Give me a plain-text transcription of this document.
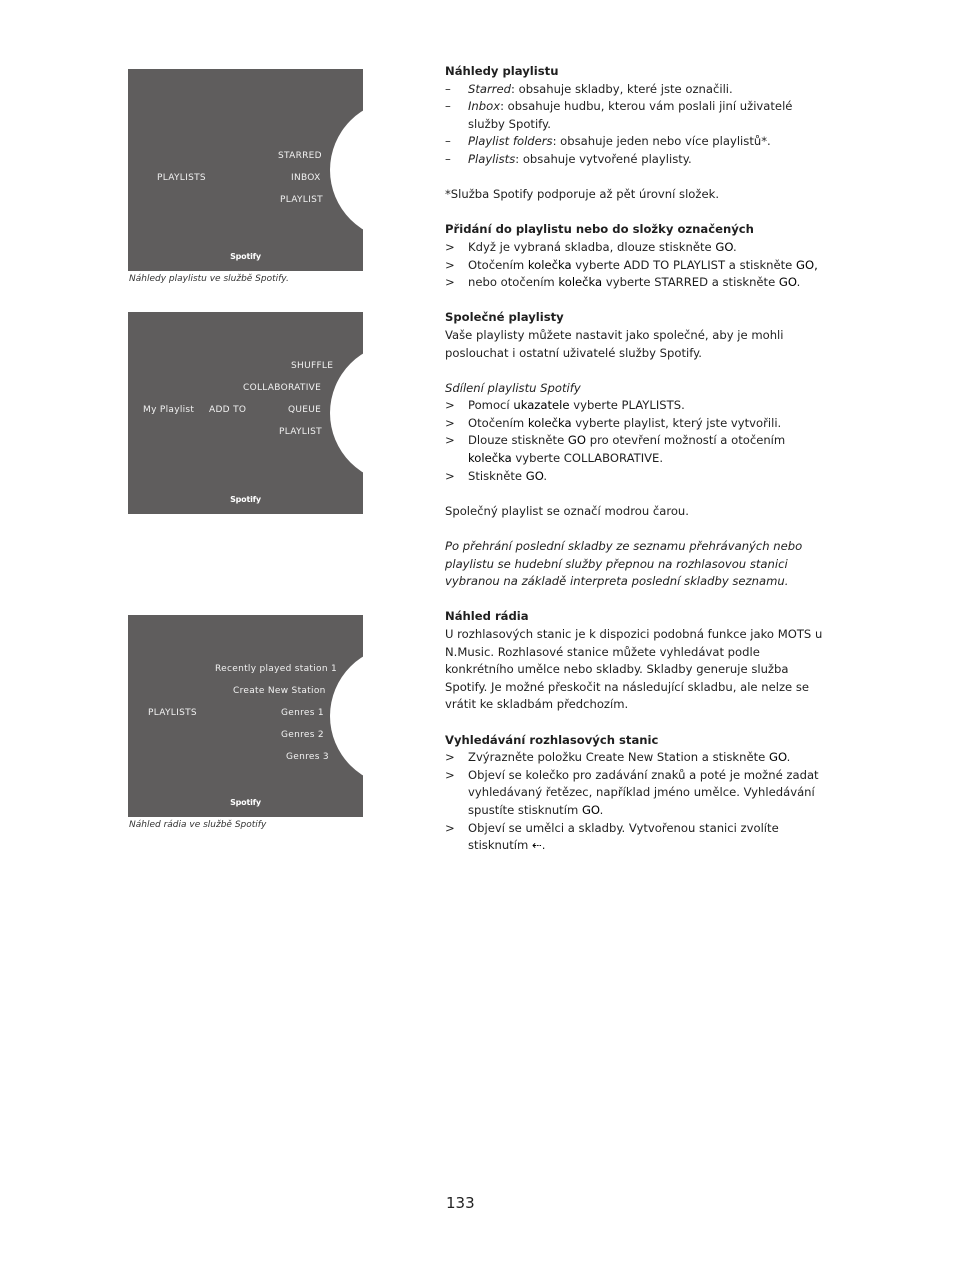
PLAYLISTS
STARRED
INBOX
PLAYLIST
Spotify
Náhledy playlistu ve službě Spotify.
My Playlist ADD TO
SHUFFLE
COLLABORATIVE
QUEUE
PLAYLIST
Spotify
PLAYLISTS
Recently played station 1
Create New Station
Genres 1
Genres 2
Genres 3
Spotify
Náhled rádia ve službě Spotify
Náhledy playlistu
– Starred: obsahuje skladby, které jste označili.
– Inbox: obsahuje hudbu, kterou vám poslali jiní uživatelé služby Spotify.
– Playlist folders: obsahuje jeden nebo více playlistů*.
– Playlists: obsahuje vytvořené playlisty.

*Služba Spotify podporuje až pět úrovní složek.

Přidání do playlistu nebo do složky označených
> Když je vybraná skladba, dlouze stiskněte GO.
> Otočením kolečka vyberte ADD TO PLAYLIST a stiskněte GO,
> nebo otočením kolečka vyberte STARRED a stiskněte GO.
Společné playlisty

Vaše playlisty můžete nastavit jako společné, aby je mohli poslouchat i ostatní uživatelé služby Spotify.

Sdílení playlistu Spotify

> Pomocí ukazatele vyberte PLAYLISTS.
> Otočením kolečka vyberte playlist, který jste vytvořili.
> Dlouze stiskněte GO pro otevření možností a otočením kolečka vyberte COLLABORATIVE.
> Stiskněte GO.

Společný playlist se označí modrou čarou.

Po přehrání poslední skladby ze seznamu přehrávaných nebo playlistu se hudební služby přepnou na rozhlasovou stanici vybranou na základě interpreta poslední skladby seznamu.

Náhled rádia

U rozhlasových stanic je k dispozici podobná funkce jako MOTS u N.Music. Rozhlasové stanice můžete vyhledávat podle konkrétního umělce nebo skladby. Skladby generuje služba Spotify. Je možné přeskočit na následující skladbu, ale nelze se vrátit ke skladbám předchozím.

Vyhledávání rozhlasových stanic
> Zvýrazněte položku Create New Station a stiskněte GO.
> Objeví se kolečko pro zadávání znaků a poté je možné zadat vyhledávaný řetězec, například jméno umělce. Vyhledávání spustíte stisknutím GO.
> Objeví se umělci a skladby. Vytvořenou stanici zvolíte stisknutím ⇠.
133
